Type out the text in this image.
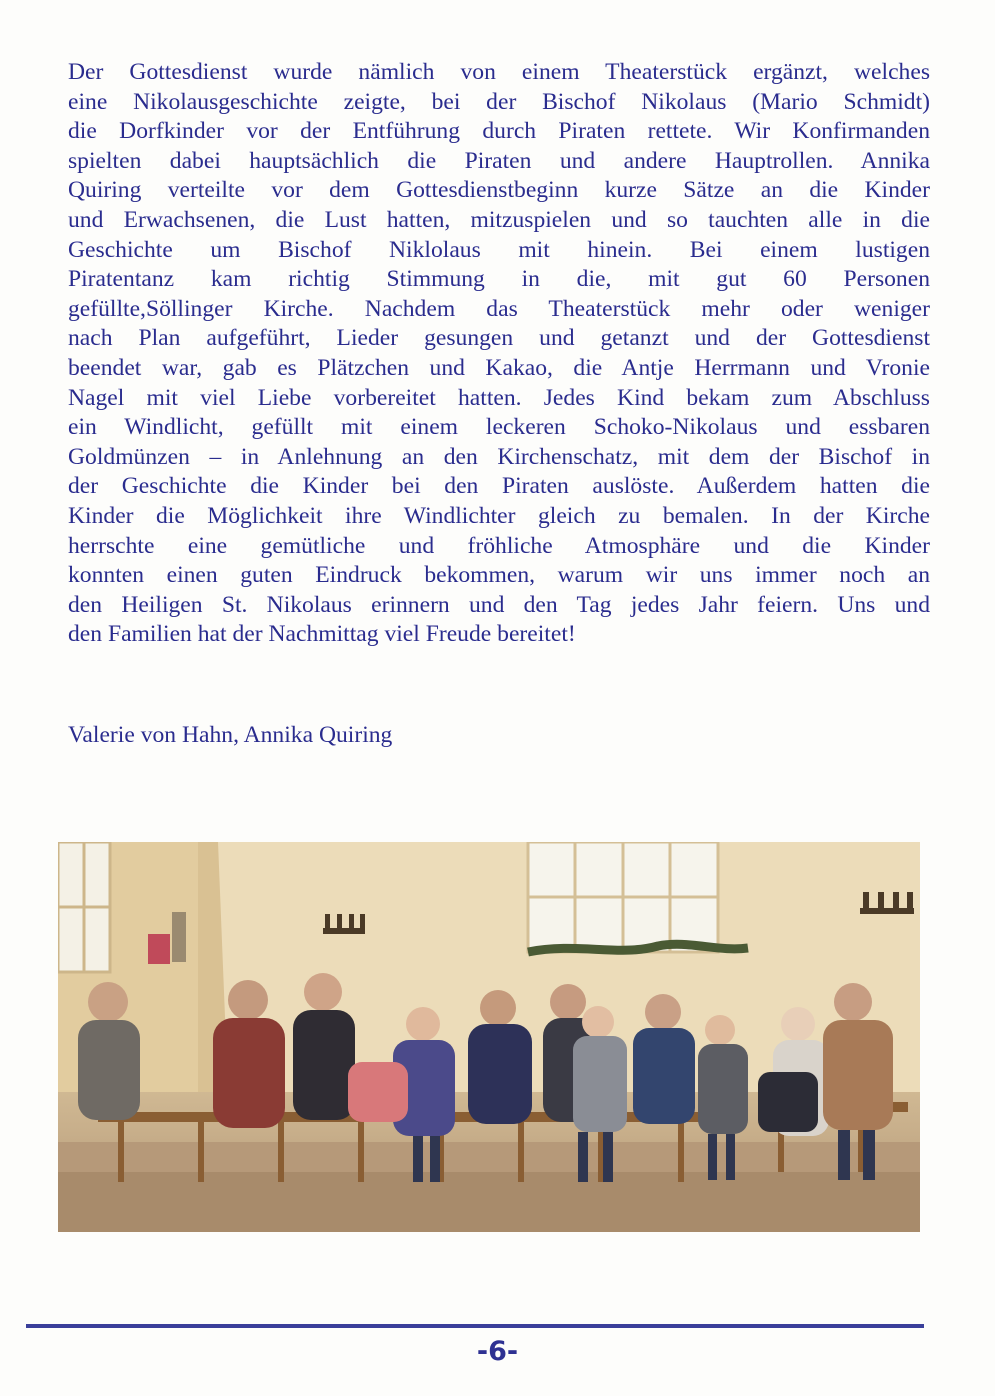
Der Gottesdienst wurde nämlich von einem Theaterstück ergänzt, welches
eine Nikolausgeschichte zeigte, bei der Bischof Nikolaus (Mario Schmidt)
die Dorfkinder vor der Entführung durch Piraten rettete. Wir Konfirmanden
spielten dabei hauptsächlich die Piraten und andere Hauptrollen. Annika
Quiring verteilte vor dem Gottesdienstbeginn kurze Sätze an die Kinder
und Erwachsenen, die Lust hatten, mitzuspielen und so tauchten alle in die
Geschichte um Bischof Niklolaus mit hinein. Bei einem lustigen
Piratentanz kam richtig Stimmung in die, mit gut 60 Personen
gefüllte,Söllinger Kirche. Nachdem das Theaterstück mehr oder weniger
nach Plan aufgeführt, Lieder gesungen und getanzt und der Gottesdienst
beendet war, gab es Plätzchen und Kakao, die Antje Herrmann und Vronie
Nagel mit viel Liebe vorbereitet hatten. Jedes Kind bekam zum Abschluss
ein Windlicht, gefüllt mit einem leckeren Schoko-Nikolaus und essbaren
Goldmünzen – in Anlehnung an den Kirchenschatz, mit dem der Bischof in
der Geschichte die Kinder bei den Piraten auslöste. Außerdem hatten die
Kinder die Möglichkeit ihre Windlichter gleich zu bemalen. In der Kirche
herrschte eine gemütliche und fröhliche Atmosphäre und die Kinder
konnten einen guten Eindruck bekommen, warum wir uns immer noch an
den Heiligen St. Nikolaus erinnern und den Tag jedes Jahr feiern. Uns und
den Familien hat der Nachmittag viel Freude bereitet!
Valerie von Hahn, Annika Quiring
-6-
